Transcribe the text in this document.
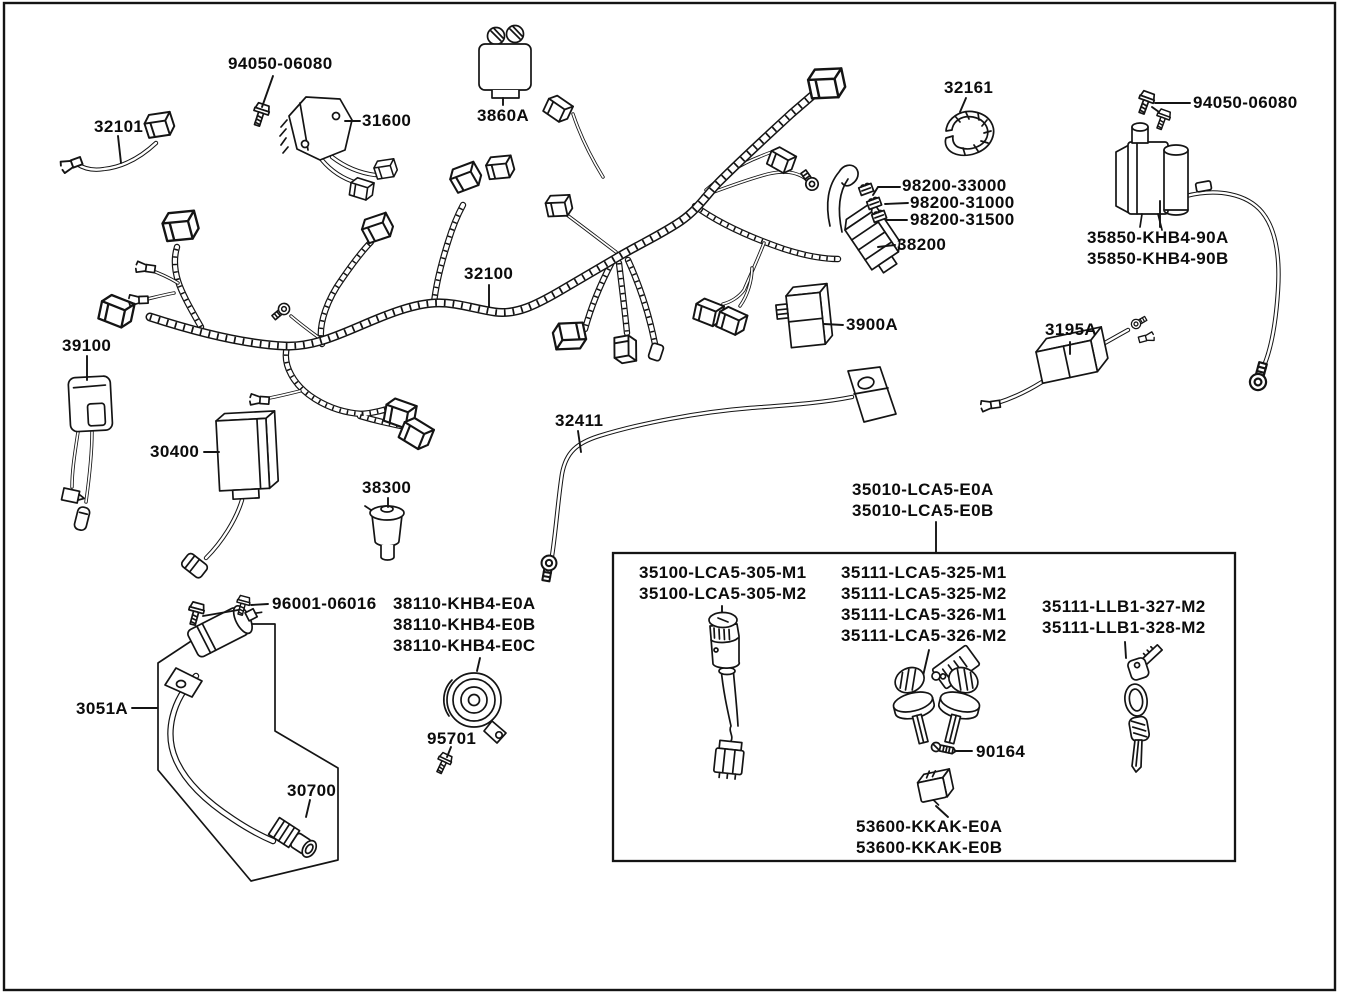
94050-06080
32101	31600	3860A
32161
94050-06080
98200-33000
98200-31000
98200-31500
38200	35850-KHB4-90A
35850-KHB4-90B
32100
3900A	3195A
39100
30400
32411
38300	35010-LCA5-E0A
35010-LCA5-E0B
96001-06016 38110-KHB4-E0A
38110-KHB4-E0B
38110-KHB4-E0C
35100-LCA5-305-M1
35100-LCA5-305-M2
35111-LCA5-325-M1
35111-LCA5-325-M2
35111-LCA5-326-M1
35111-LCA5-326-M2
35111-LLB1-327-M2
35111-LLB1-328-M2
3051A
95701
30700
90164
53600-KKAK-E0A
53600-KKAK-E0B
